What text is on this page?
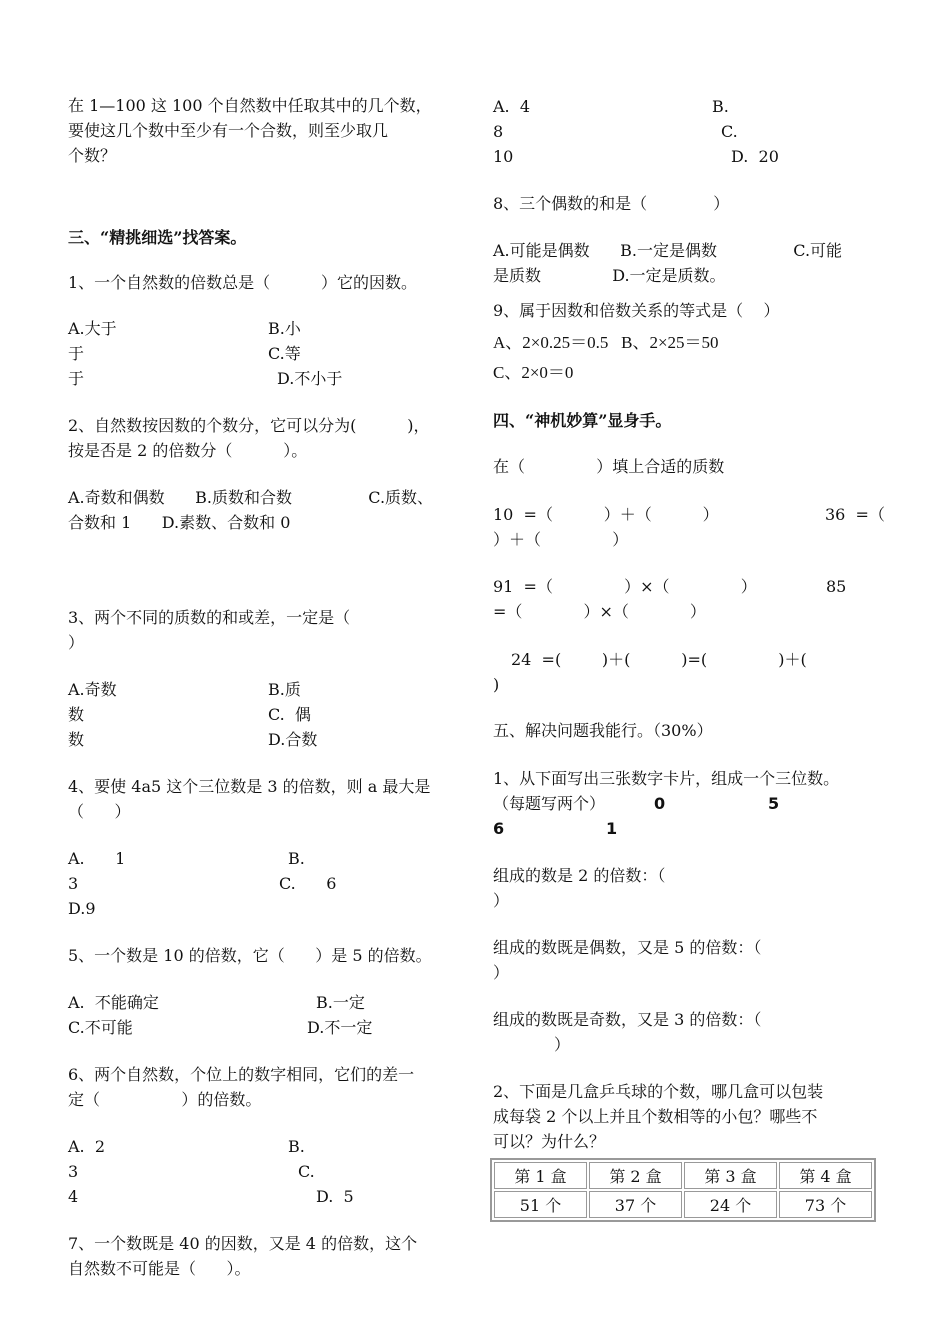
在 1—100 这 100 个自然数中任取其中的几个数，
要使这几个数中至少有一个合数，则至少取几
个数？
三、“精挑细选”找答案。
1、一个自然数的倍数总是（          ）它的因数。
A.大于	B.小
于	C.等
于	D.不小于
2、自然数按因数的个数分，它可以分为(          )，
按是否是 2 的倍数分（          ）。
A.奇数和偶数      B.质数和合数               C.质数、
合数和 1      D.素数、合数和 0
3、两个不同的质数的和或差，一定是（
）
A.奇数	B.质
数	C.  偶
数	D.合数
4、要使 4a5 这个三位数是 3 的倍数，则 a 最大是
（      ）
A.      1	B.
3	C.      6
D.9
5、一个数是 10 的倍数，它（      ）是 5 的倍数。
A.  不能确定	B.一定
C.不可能	D.不一定
6、两个自然数，个位上的数字相同，它们的差一
定（                ）的倍数。
A.  2	B.
3	C.
4	D.  5
7、一个数既是 40 的因数，又是 4 的倍数，这个
自然数不可能是（      ）。
A.  4	B.
8	C.
10	D.  20
8、三个偶数的和是（             ）
A.可能是偶数      B.一定是偶数               C.可能
是质数              D.一定是质数。
9、属于因数和倍数关系的等式是（    ）
A、2×0.25＝0.5   B、2×25＝50
C、2×0＝0
四、“神机妙算”显身手。
在（              ）填上合适的质数
10  =（          ）＋（          ）	36  =（
）＋（              ）
91  =（              ）×（              ）	85
=（            ）×（            ）
24  =(        )＋(          )=(              )＋(
)
五、解决问题我能行。（30%）
1、从下面写出三张数字卡片，组成一个三位数。
（每题写两个）	0	5
6	1
组成的数是 2 的倍数：（
）
组成的数既是偶数，又是 5 的倍数：（
）
组成的数既是奇数，又是 3 的倍数：（
）
2、下面是几盒乒乓球的个数，哪几盒可以包装
成每袋 2 个以上并且个数相等的小包？哪些不
可以？为什么？
第 1 盒	第 2 盒	第 3 盒	第 4 盒
51 个	37 个	24 个	73 个
